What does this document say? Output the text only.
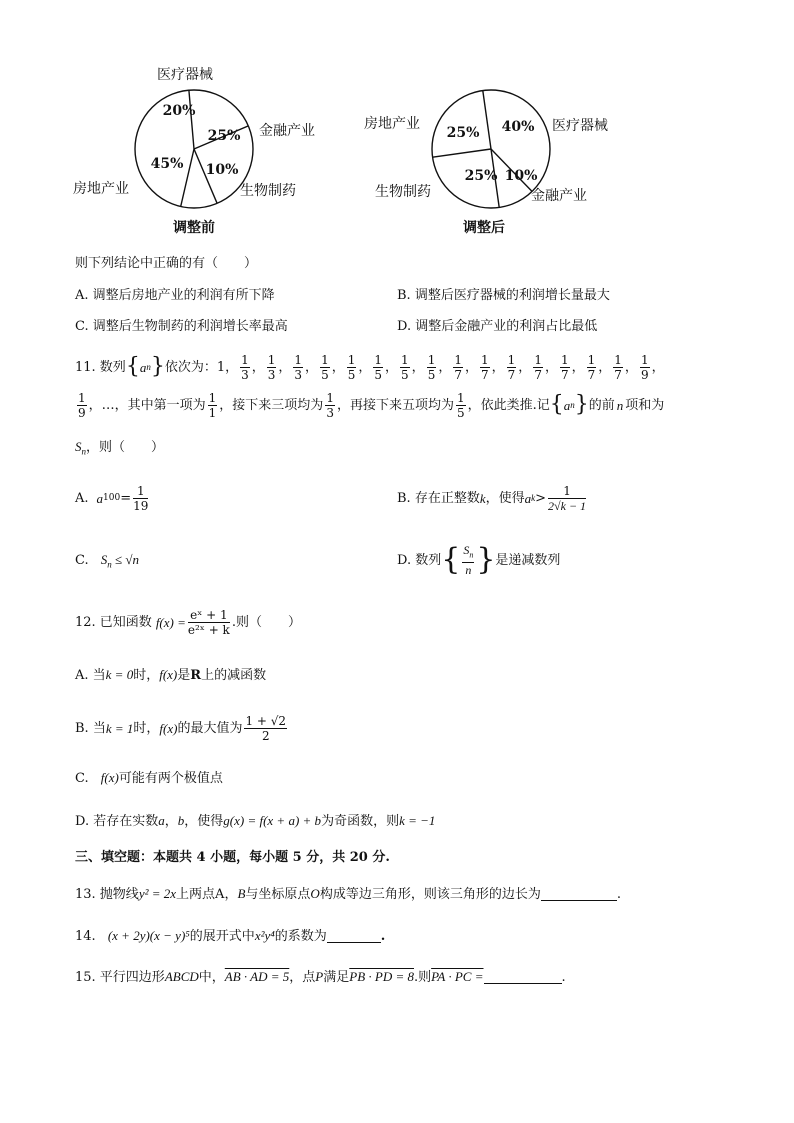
20%
医疗器械
25% 金融产业
10%
生物制药
45%
房地产业
调整前
40% 医疗器械
10%
金融产业
25%
生物制药
25%
房地产业
调整后
则下列结论中正确的有（　　）
A. 调整后房地产业的利润有所下降	B. 调整后医疗器械的利润增长量最大
C. 调整后生物制药的利润增长率最高	D. 调整后金融产业的利润占比最低
11. 数列 { a n } 依次为：1， $\frac{1}{3}$ ， $\frac{1}{3}$ ， $\frac{1}{3}$ ， $\frac{1}{5}$ ， $\frac{1}{5}$ ， $\frac{1}{5}$ ， $\frac{1}{5}$ ， $\frac{1}{5}$ ， $\frac{1}{7}$ ， $\frac{1}{7}$ ， $\frac{1}{7}$ ， $\frac{1}{7}$ ， $\frac{1}{7}$ ， $\frac{1}{7}$ ， $\frac{1}{7}$ ， $\frac{1}{9}$ ，
$\frac{1}{9}$ ，…，其中第一项为 $\frac{1}{1}$ ，接下来三项均为 $\frac{1}{3}$ ，再接下来五项均为 $\frac{1}{5}$ ，依此类推.记 { a n } 的前 n 项和为
$S_n$，则（　　）
A. a $100 = \frac{1}{19}$	B. 存在正整数 k ，使得 a $k > \frac{1}{2√k - 1}$
C. $S_n \le √n$	D. 数列 { $\frac{S_n}{n}$ } 是递减数列
12. 已知函数 $f(x) = \frac{\text{eˣ + 1}}{\text{e²ˣ + k}}$ .则（　　）
A. 当k = 0时，f(x)是R上的减函数
B. 当 k = 1 时， f(x) 的最大值为 $\frac{1 + √2}{2}$
C. f(x)可能有两个极值点
D. 若存在实数a，b，使得g(x) = f(x + a) + b为奇函数，则k = −1
三、填空题：本题共 4 小题，每小题 5 分，共 20 分.
13. 抛物线y² = 2x上两点A，B与坐标原点O构成等边三角形，则该三角形的边长为	.
14. (x + 2y)(x − y)⁵的展开式中x²y⁴的系数为	.
15. 平行四边形ABCD中，AB · AD = 5，点P满足PB · PD = 8.则PA · PC =	.
